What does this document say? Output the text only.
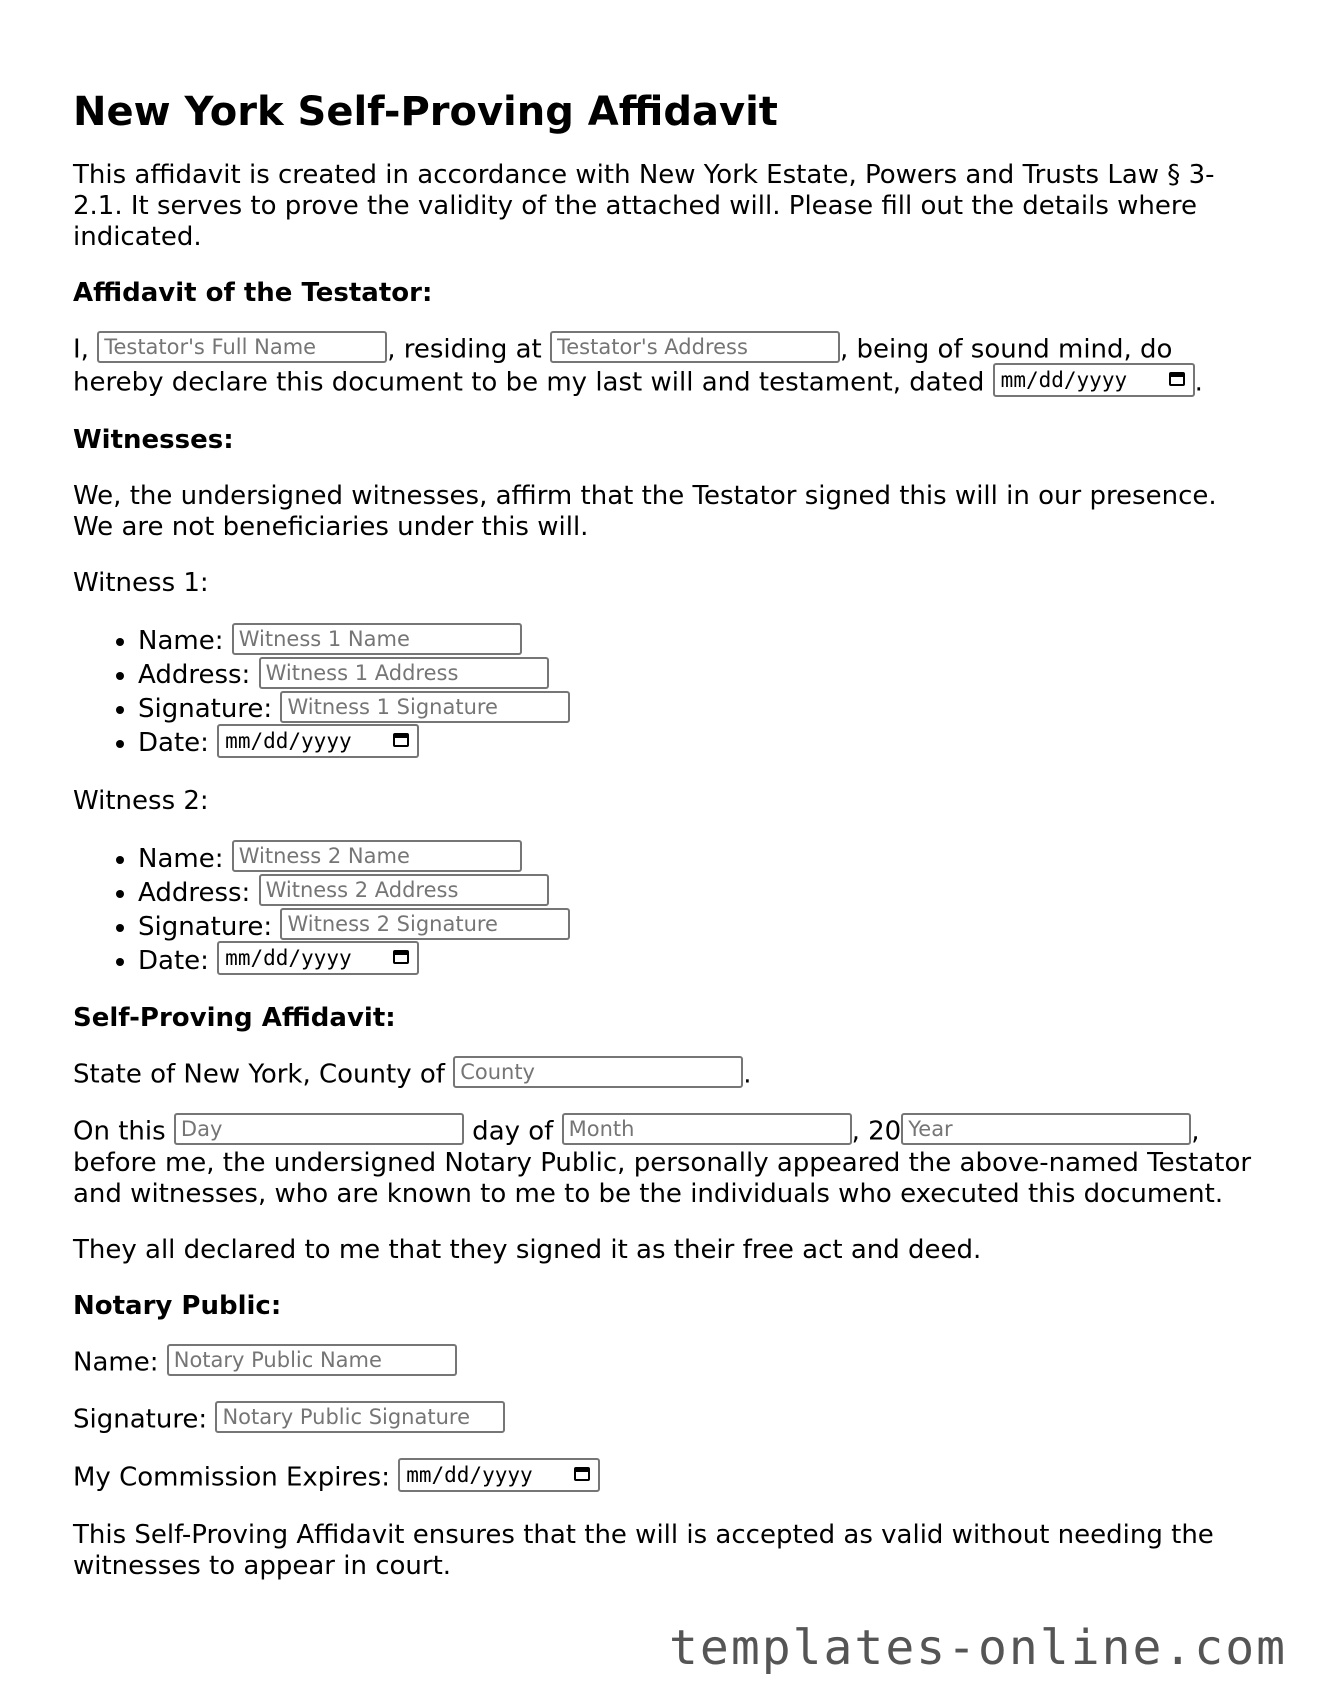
New York Self-Proving Affidavit

This affidavit is created in accordance with New York Estate, Powers and Trusts Law § 3-2.1. It serves to prove the validity of the attached will. Please fill out the details where indicated.

Affidavit of the Testator:

I, Testator's Full Name	, residing at Testator's Address	, being of sound mind, do hereby declare this document to be my last will and testament, dated mm/dd/yyyy	.

Witnesses:

We, the undersigned witnesses, affirm that the Testator signed this will in our presence. We are not beneficiaries under this will.

Witness 1:

• Name: Witness 1 Name
• Address: Witness 1 Address
• Signature: Witness 1 Signature
• Date: mm/dd/yyyy

Witness 2:

• Name: Witness 2 Name
• Address: Witness 2 Address
• Signature: Witness 2 Signature
• Date: mm/dd/yyyy
Self-Proving Affidavit:

State of New York, County of County	.

On this Day	day of Month	, 20Year	, before me, the undersigned Notary Public, personally appeared the above-named Testator and witnesses, who are known to me to be the individuals who executed this document.

They all declared to me that they signed it as their free act and deed.

Notary Public:

Name: Notary Public Name

Signature: Notary Public Signature

My Commission Expires: mm/dd/yyyy

This Self-Proving Affidavit ensures that the will is accepted as valid without needing the witnesses to appear in court.

templates-online.com
